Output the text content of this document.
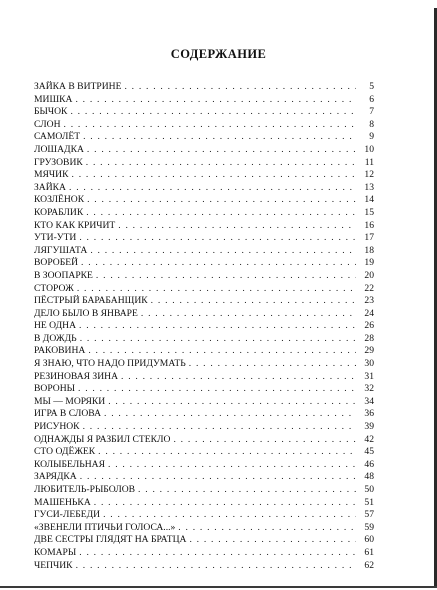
СОДЕРЖАНИЕ
ЗАЙКА В ВИТРИНЕ . . .	5
МИШКА . . .	6
БЫЧОК . . .	7
СЛОН . . .	8
САМОЛЁТ . . .	9
ЛОШАДКА . . .	10
ГРУЗОВИК . . .	11
МЯЧИК . . .	12
ЗАЙКА . . .	13
КОЗЛЁНОК . . .	14
КОРАБЛИК . . .	15
КТО КАК КРИЧИТ . . .	16
УТИ-УТИ . . .	17
ЛЯГУШАТА . . .	18
ВОРОБЕЙ . . .	19
В ЗООПАРКЕ . . .	20
СТОРОЖ . . .	22
ПЁСТРЫЙ БАРАБАНЩИК . . .	23
ДЕЛО БЫЛО В ЯНВАРЕ . . .	24
НЕ ОДНА . . .	26
В ДОЖДЬ . . .	28
РАКОВИНА . . .	29
Я ЗНАЮ, ЧТО НАДО ПРИДУМАТЬ . . .	30
РЕЗИНОВАЯ ЗИНА . . .	31
ВОРОНЫ . . .	32
МЫ — МОРЯКИ . . .	34
ИГРА В СЛОВА . . .	36
РИСУНОК . . .	39
ОДНАЖДЫ Я РАЗБИЛ СТЕКЛО . . .	42
СТО ОДЁЖЕК . . .	45
КОЛЫБЕЛЬНАЯ . . .	46
ЗАРЯДКА . . .	48
ЛЮБИТЕЛЬ-РЫБОЛОВ . . .	50
МАШЕНЬКА . . .	51
ГУСИ-ЛЕБЕДИ . . .	57
«ЗВЕНЕЛИ ПТИЧЬИ ГОЛОСА...» . . .	59
ДВЕ СЕСТРЫ ГЛЯДЯТ НА БРАТЦА . . .	60
КОМАРЫ . . .	61
ЧЕПЧИК . . .	62
